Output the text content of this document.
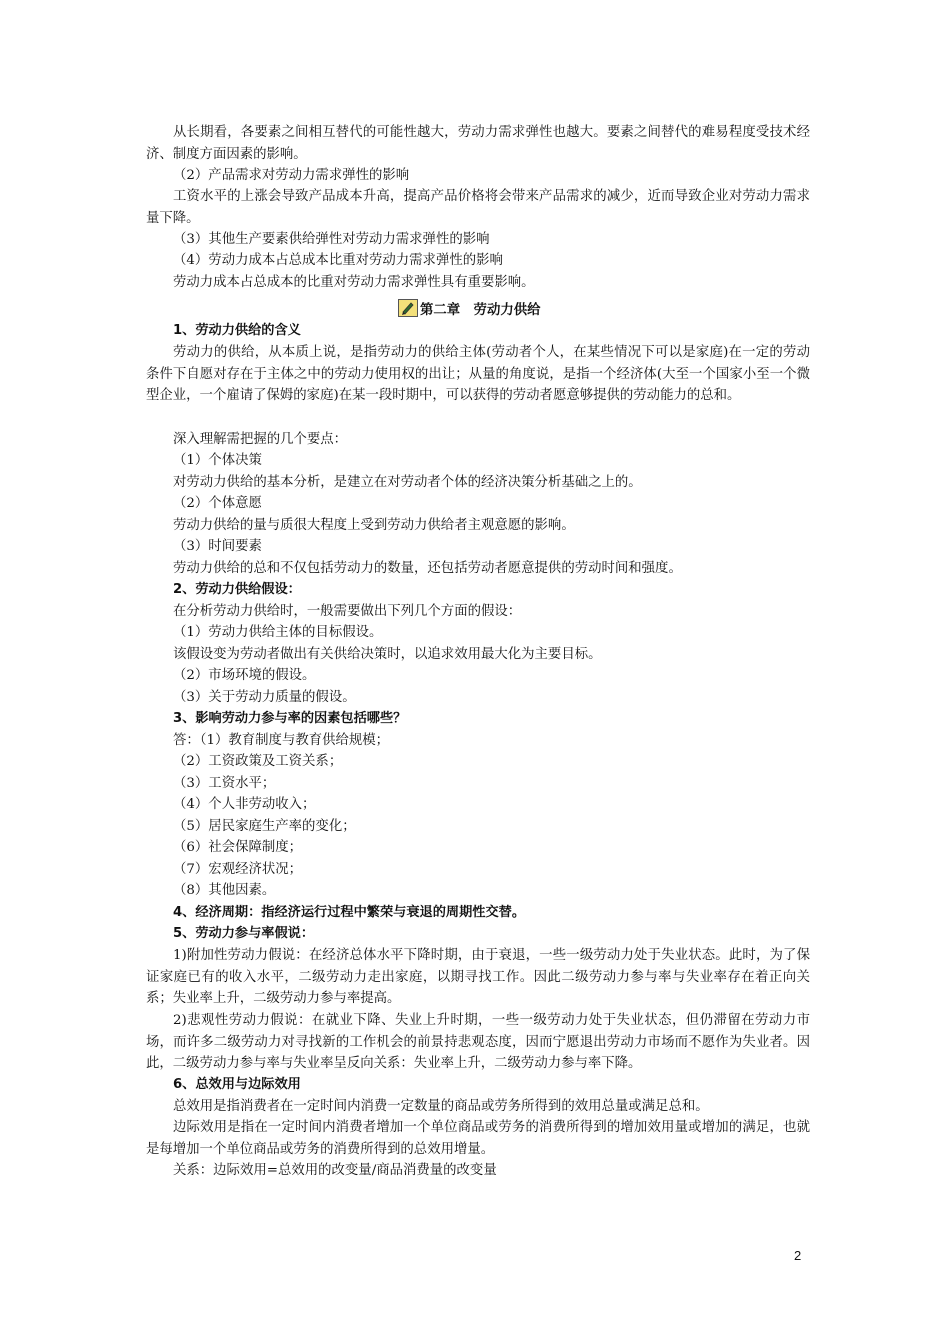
从长期看，各要素之间相互替代的可能性越大，劳动力需求弹性也越大。要素之间替代的难易程度受技术经济、制度方面因素的影响。

（2）产品需求对劳动力需求弹性的影响

工资水平的上涨会导致产品成本升高，提高产品价格将会带来产品需求的减少，近而导致企业对劳动力需求量下降。

（3）其他生产要素供给弹性对劳动力需求弹性的影响

（4）劳动力成本占总成本比重对劳动力需求弹性的影响

劳动力成本占总成本的比重对劳动力需求弹性具有重要影响。

第二章　劳动力供给

1、劳动力供给的含义

劳动力的供给，从本质上说，是指劳动力的供给主体(劳动者个人，在某些情况下可以是家庭)在一定的劳动条件下自愿对存在于主体之中的劳动力使用权的出让；从量的角度说，是指一个经济体(大至一个国家小至一个微型企业，一个雇请了保姆的家庭)在某一段时期中，可以获得的劳动者愿意够提供的劳动能力的总和。

深入理解需把握的几个要点：

（1）个体决策

对劳动力供给的基本分析，是建立在对劳动者个体的经济决策分析基础之上的。

（2）个体意愿

劳动力供给的量与质很大程度上受到劳动力供给者主观意愿的影响。

（3）时间要素

劳动力供给的总和不仅包括劳动力的数量，还包括劳动者愿意提供的劳动时间和强度。

2、劳动力供给假设：

在分析劳动力供给时，一般需要做出下列几个方面的假设：

（1）劳动力供给主体的目标假设。

该假设变为劳动者做出有关供给决策时，以追求效用最大化为主要目标。

（2）市场环境的假设。

（3）关于劳动力质量的假设。

3、影响劳动力参与率的因素包括哪些？

答：（1）教育制度与教育供给规模；

（2）工资政策及工资关系；

（3）工资水平；

（4）个人非劳动收入；

（5）居民家庭生产率的变化；

（6）社会保障制度；

（7）宏观经济状况；

（8）其他因素。

4、经济周期：指经济运行过程中繁荣与衰退的周期性交替。

5、劳动力参与率假说：

1)附加性劳动力假说：在经济总体水平下降时期，由于衰退，一些一级劳动力处于失业状态。此时，为了保证家庭已有的收入水平，二级劳动力走出家庭，以期寻找工作。因此二级劳动力参与率与失业率存在着正向关系；失业率上升，二级劳动力参与率提高。

2)悲观性劳动力假说：在就业下降、失业上升时期，一些一级劳动力处于失业状态，但仍滞留在劳动力市场，而许多二级劳动力对寻找新的工作机会的前景持悲观态度，因而宁愿退出劳动力市场而不愿作为失业者。因此，二级劳动力参与率与失业率呈反向关系：失业率上升，二级劳动力参与率下降。

6、总效用与边际效用

总效用是指消费者在一定时间内消费一定数量的商品或劳务所得到的效用总量或满足总和。

边际效用是指在一定时间内消费者增加一个单位商品或劳务的消费所得到的增加效用量或增加的满足，也就是每增加一个单位商品或劳务的消费所得到的总效用增量。

关系：边际效用=总效用的改变量/商品消费量的改变量

2
